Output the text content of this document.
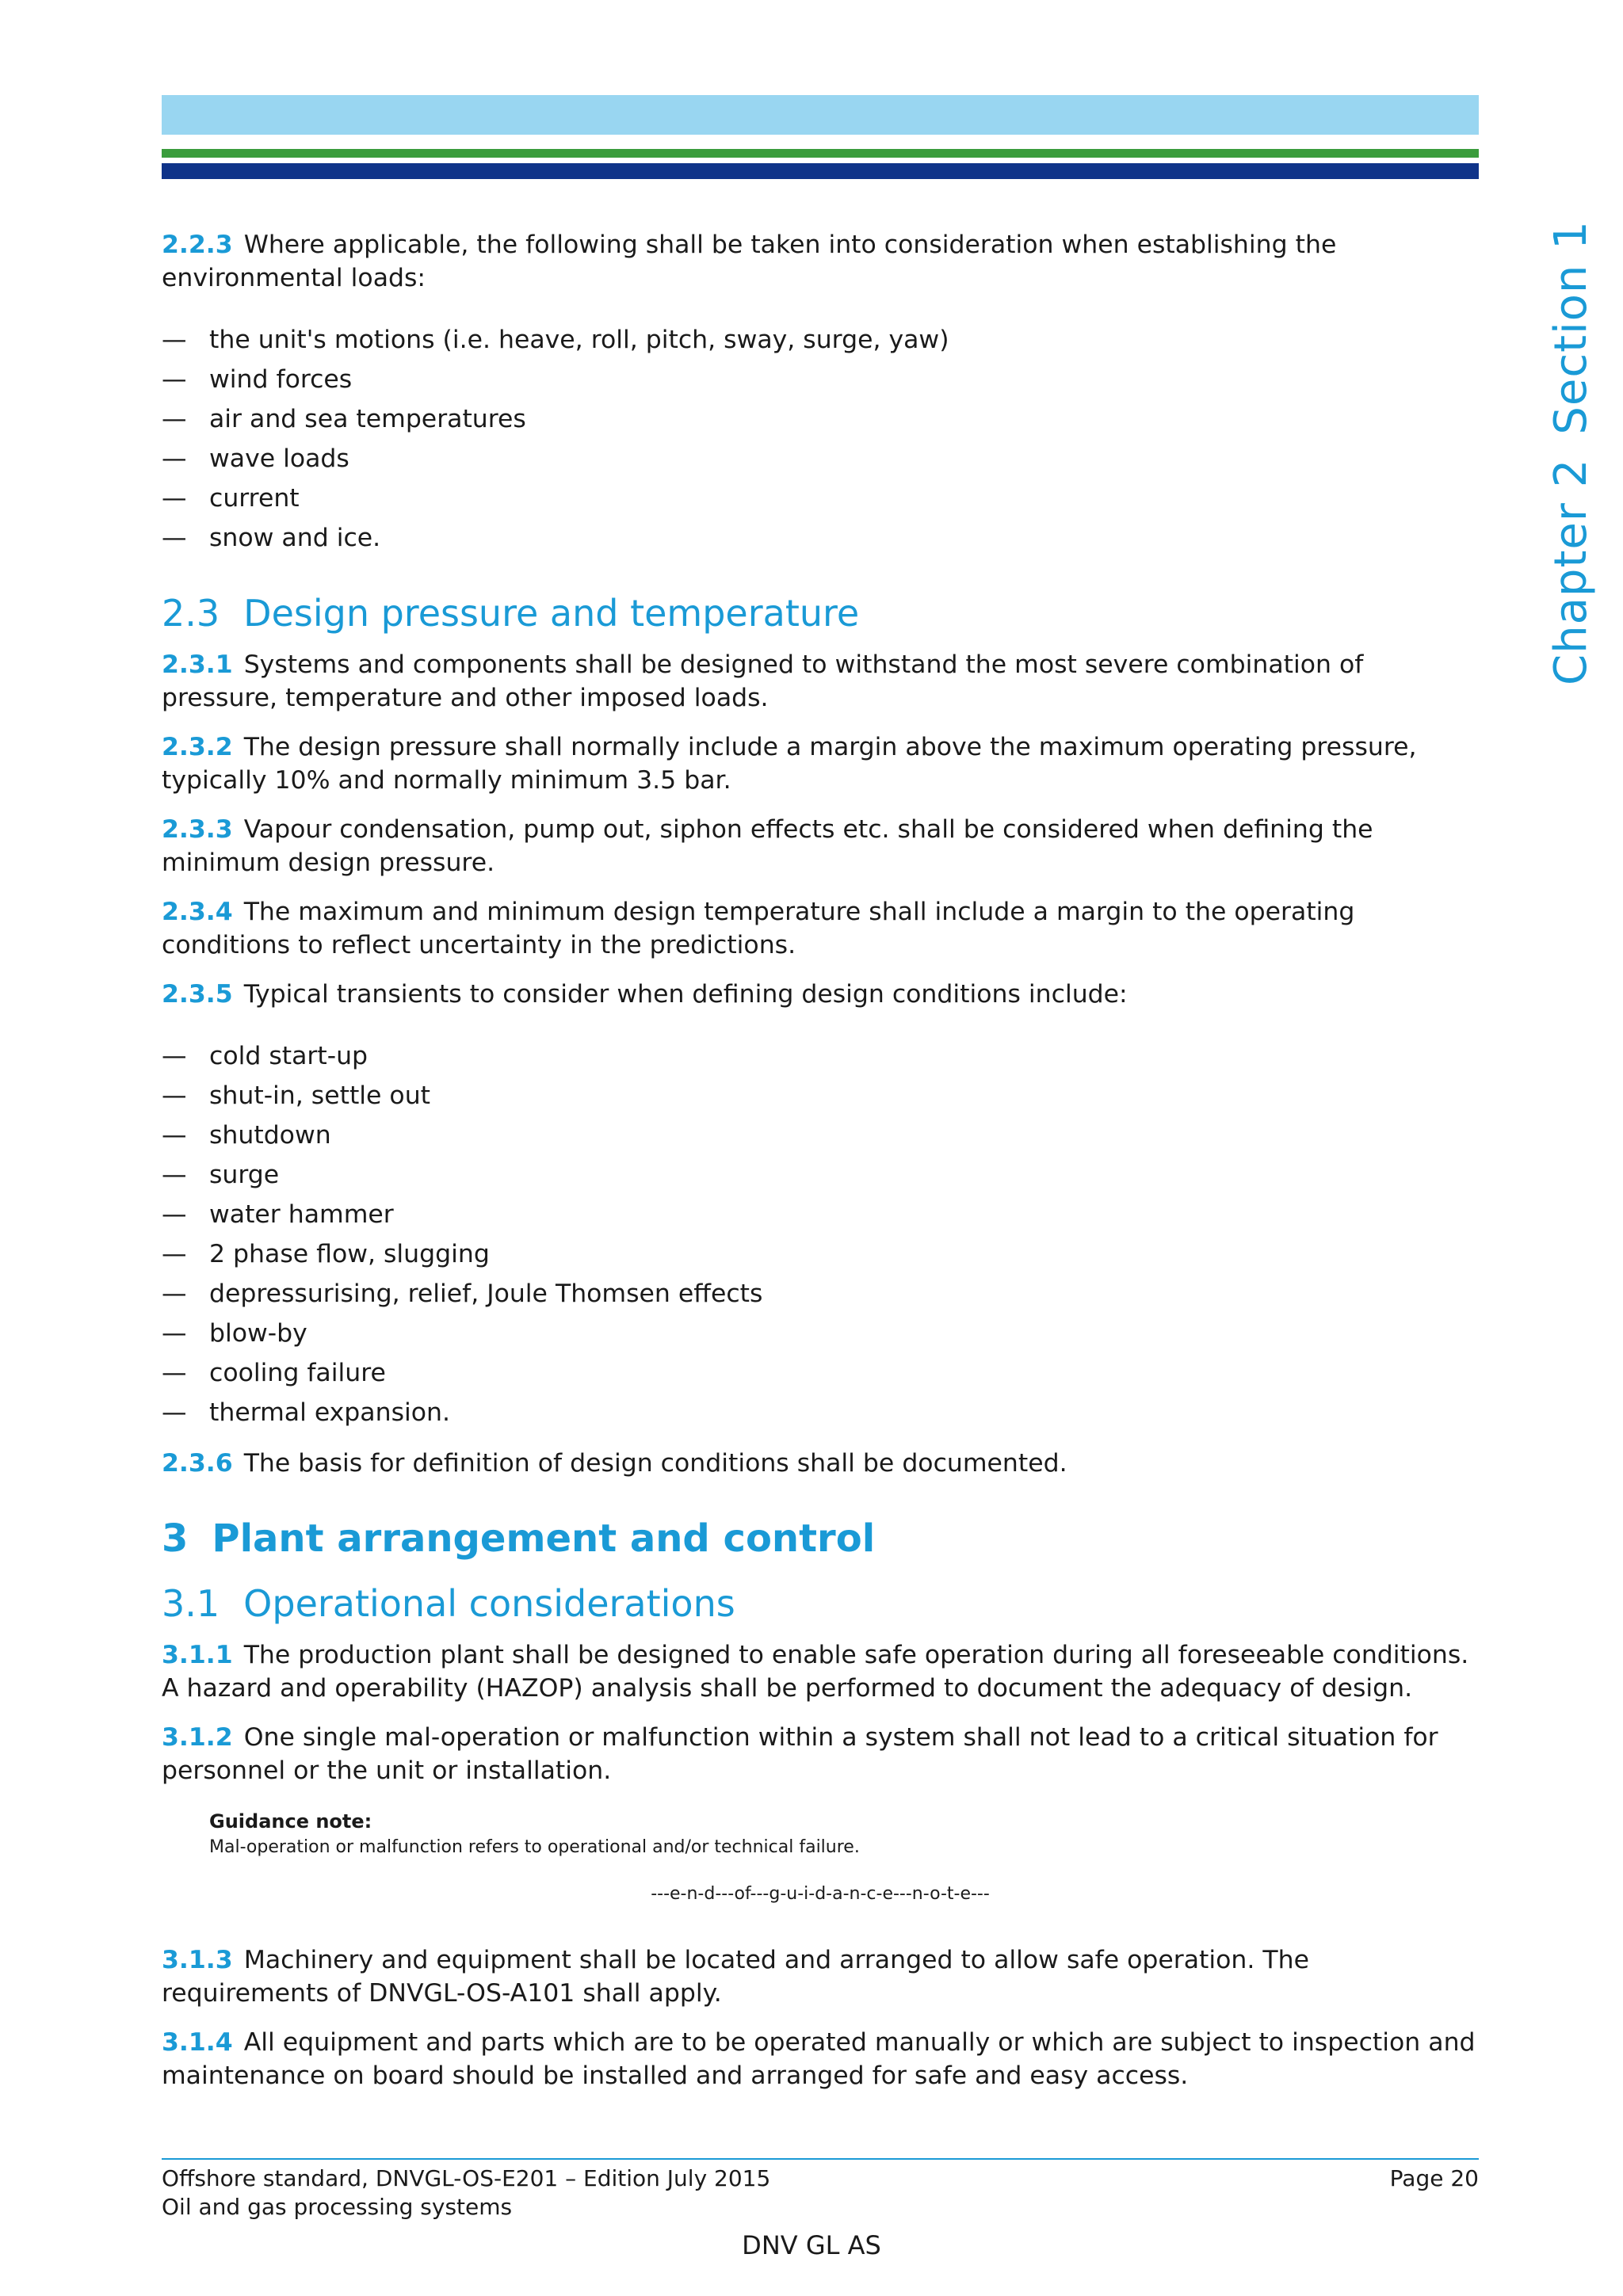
Chapter 2Section 1

2.2.3 Where applicable, the following shall be taken into consideration when establishing the environmental loads:

— the unit's motions (i.e. heave, roll, pitch, sway, surge, yaw)
— wind forces
— air and sea temperatures
— wave loads
— current
— snow and ice.
2.3 Design pressure and temperature

2.3.1 Systems and components shall be designed to withstand the most severe combination of pressure, temperature and other imposed loads.

2.3.2 The design pressure shall normally include a margin above the maximum operating pressure, typically 10% and normally minimum 3.5 bar.

2.3.3 Vapour condensation, pump out, siphon effects etc. shall be considered when defining the minimum design pressure.

2.3.4 The maximum and minimum design temperature shall include a margin to the operating conditions to reflect uncertainty in the predictions.

2.3.5 Typical transients to consider when defining design conditions include:

— cold start-up
— shut-in, settle out
— shutdown
— surge
— water hammer
— 2 phase flow, slugging
— depressurising, relief, Joule Thomsen effects
— blow-by
— cooling failure
— thermal expansion.

2.3.6 The basis for definition of design conditions shall be documented.

3 Plant arrangement and control
3.1 Operational considerations

3.1.1 The production plant shall be designed to enable safe operation during all foreseeable conditions. A hazard and operability (HAZOP) analysis shall be performed to document the adequacy of design.

3.1.2 One single mal-operation or malfunction within a system shall not lead to a critical situation for personnel or the unit or installation.

Guidance note:
Mal-operation or malfunction refers to operational and/or technical failure.
---e-n-d---of---g-u-i-d-a-n-c-e---n-o-t-e---

3.1.3 Machinery and equipment shall be located and arranged to allow safe operation. The requirements of DNVGL-OS-A101 shall apply.

3.1.4 All equipment and parts which are to be operated manually or which are subject to inspection and maintenance on board should be installed and arranged for safe and easy access.

Offshore standard, DNVGL-OS-E201 – Edition July 2015
Oil and gas processing systems
Page 20
DNV GL AS
